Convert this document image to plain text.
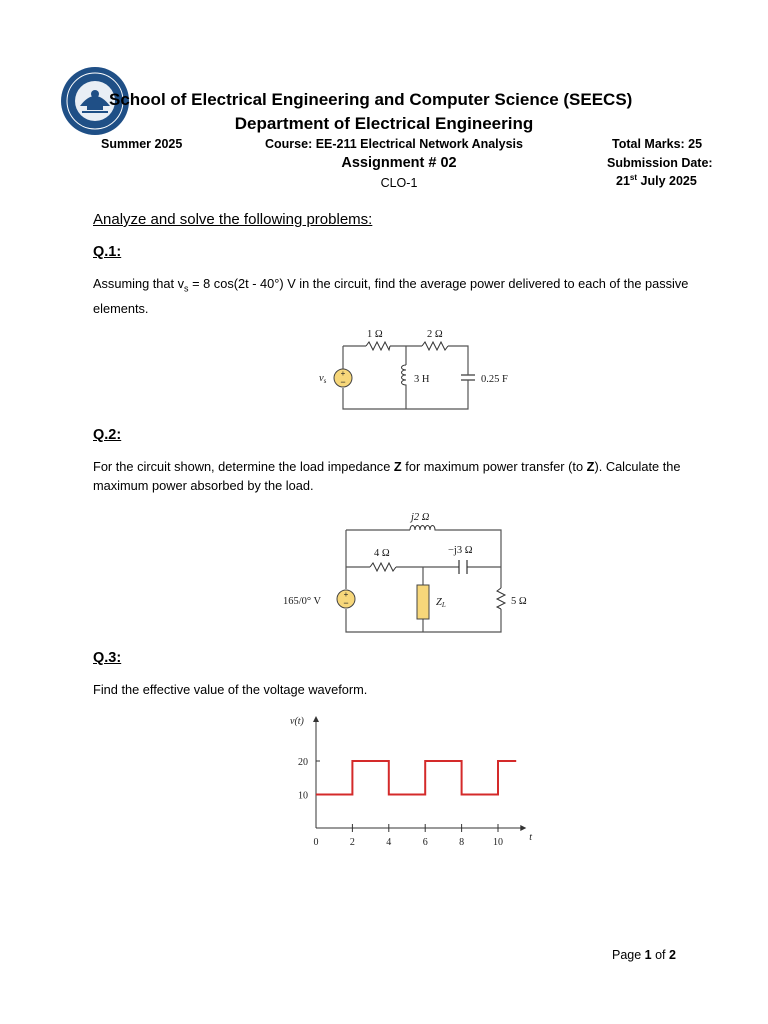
School of Electrical Engineering and Computer Science (SEECS)
Department of Electrical Engineering
Summer 2025	Course: EE-211 Electrical Network Analysis	Total Marks: 25
Assignment # 02	Submission Date:
CLO-1	21st July 2025
Analyze and solve the following problems:
Q.1:
Assuming that $v_s = 8$ cos(2t - 40°) V in the circuit, find the average power delivered to each of the passive elements.
+
−
vs
1 Ω	2 Ω
3 H	0.25 F
Q.2:
For the circuit shown, determine the load impedance Z for maximum power transfer (to Z). Calculate the maximum power absorbed by the load.
+
−
j2 Ω
4 Ω	−j3 Ω
165/0° V	ZL	5 Ω
Q.3:
Find the effective value of the voltage waveform.
v(t)
t
0	2	4	6	8	10
10
20
Page 1 of 2
